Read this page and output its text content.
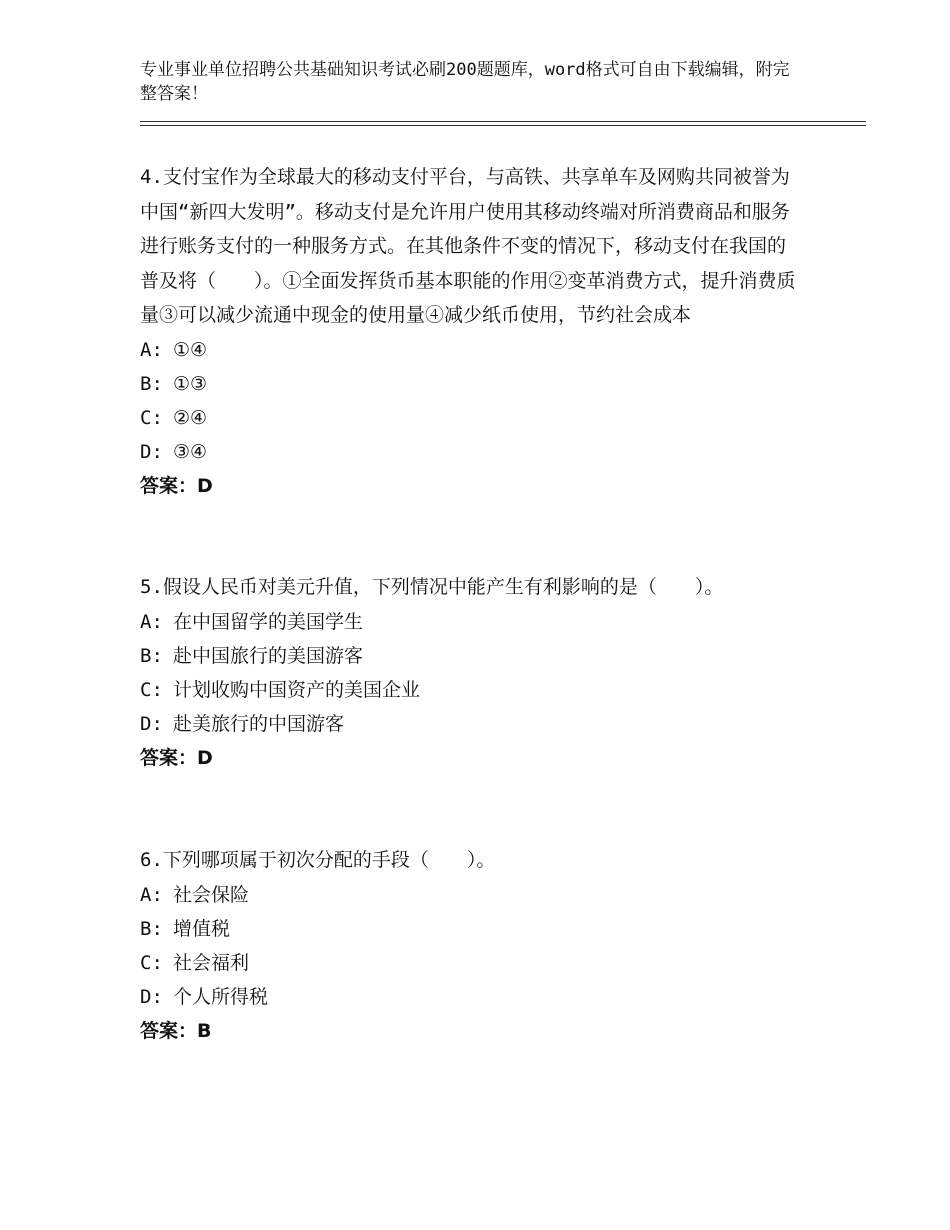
专业事业单位招聘公共基础知识考试必刷200题题库，word格式可自由下载编辑，附完整答案！

4.支付宝作为全球最大的移动支付平台，与高铁、共享单车及网购共同被誉为中国“新四大发明”。移动支付是允许用户使用其移动终端对所消费商品和服务进行账务支付的一种服务方式。在其他条件不变的情况下，移动支付在我国的普及将（　　）。①全面发挥货币基本职能的作用②变革消费方式，提升消费质量③可以减少流通中现金的使用量④减少纸币使用，节约社会成本

A: ①④
B: ①③
C: ②④
D: ③④
答案：D

5.假设人民币对美元升值，下列情况中能产生有利影响的是（　　）。

A: 在中国留学的美国学生
B: 赴中国旅行的美国游客
C: 计划收购中国资产的美国企业
D: 赴美旅行的中国游客
答案：D

6.下列哪项属于初次分配的手段（　　）。

A: 社会保险
B: 增值税
C: 社会福利
D: 个人所得税
答案：B
